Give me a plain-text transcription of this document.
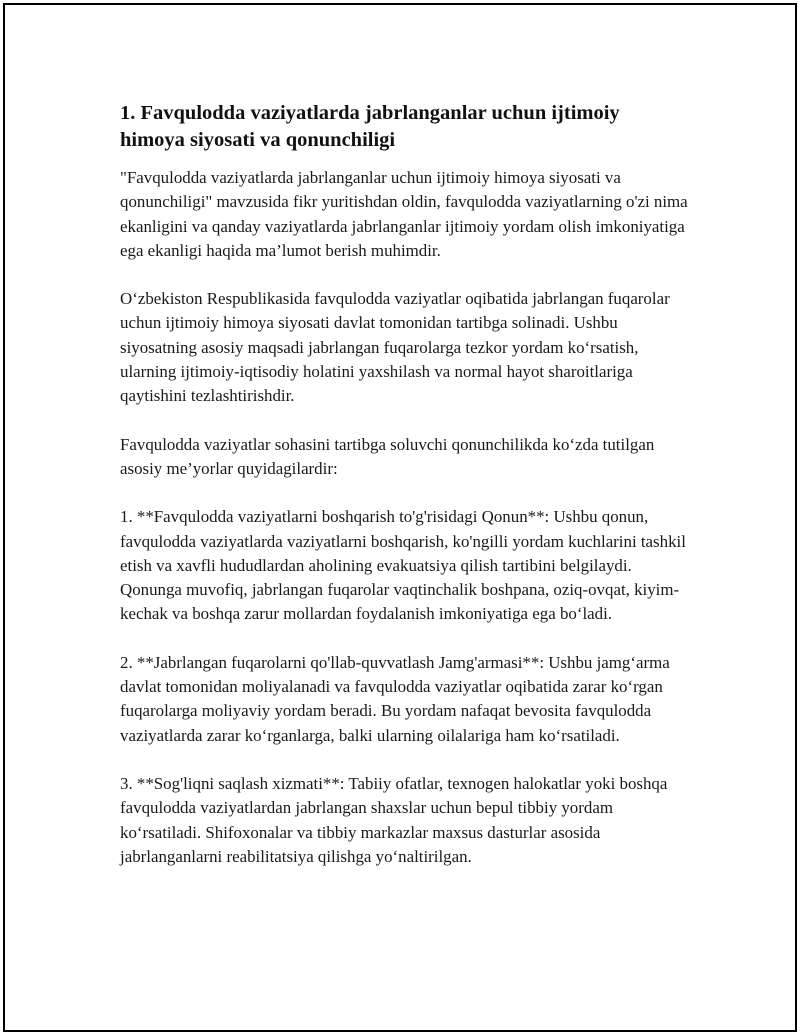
1. Favqulodda vaziyatlarda jabrlanganlar uchun ijtimoiy
himoya siyosati va qonunchiligi

"Favqulodda vaziyatlarda jabrlanganlar uchun ijtimoiy himoya siyosati va qonunchiligi" mavzusida fikr yuritishdan oldin, favqulodda vaziyatlarning o'zi nima ekanligini va qanday vaziyatlarda jabrlanganlar ijtimoiy yordam olish imkoniyatiga ega ekanligi haqida ma’lumot berish muhimdir.

O‘zbekiston Respublikasida favqulodda vaziyatlar oqibatida jabrlangan fuqarolar uchun ijtimoiy himoya siyosati davlat tomonidan tartibga solinadi. Ushbu siyosatning asosiy maqsadi jabrlangan fuqarolarga tezkor yordam ko‘rsatish, ularning ijtimoiy-iqtisodiy holatini yaxshilash va normal hayot sharoitlariga qaytishini tezlashtirishdir.

Favqulodda vaziyatlar sohasini tartibga soluvchi qonunchilikda ko‘zda tutilgan asosiy me’yorlar quyidagilardir:

1. **Favqulodda vaziyatlarni boshqarish to'g'risidagi Qonun**: Ushbu qonun, favqulodda vaziyatlarda vaziyatlarni boshqarish, ko'ngilli yordam kuchlarini tashkil etish va xavfli hududlardan aholining evakuatsiya qilish tartibini belgilaydi. Qonunga muvofiq, jabrlangan fuqarolar vaqtinchalik boshpana, oziq-ovqat, kiyim-kechak va boshqa zarur mollardan foydalanish imkoniyatiga ega bo‘ladi.

2. **Jabrlangan fuqarolarni qo'llab-quvvatlash Jamg'armasi**: Ushbu jamg‘arma davlat tomonidan moliyalanadi va favqulodda vaziyatlar oqibatida zarar ko‘rgan fuqarolarga moliyaviy yordam beradi. Bu yordam nafaqat bevosita favqulodda vaziyatlarda zarar ko‘rganlarga, balki ularning oilalariga ham ko‘rsatiladi.

3. **Sog'liqni saqlash xizmati**: Tabiiy ofatlar, texnogen halokatlar yoki boshqa favqulodda vaziyatlardan jabrlangan shaxslar uchun bepul tibbiy yordam ko‘rsatiladi. Shifoxonalar va tibbiy markazlar maxsus dasturlar asosida jabrlanganlarni reabilitatsiya qilishga yo‘naltirilgan.
